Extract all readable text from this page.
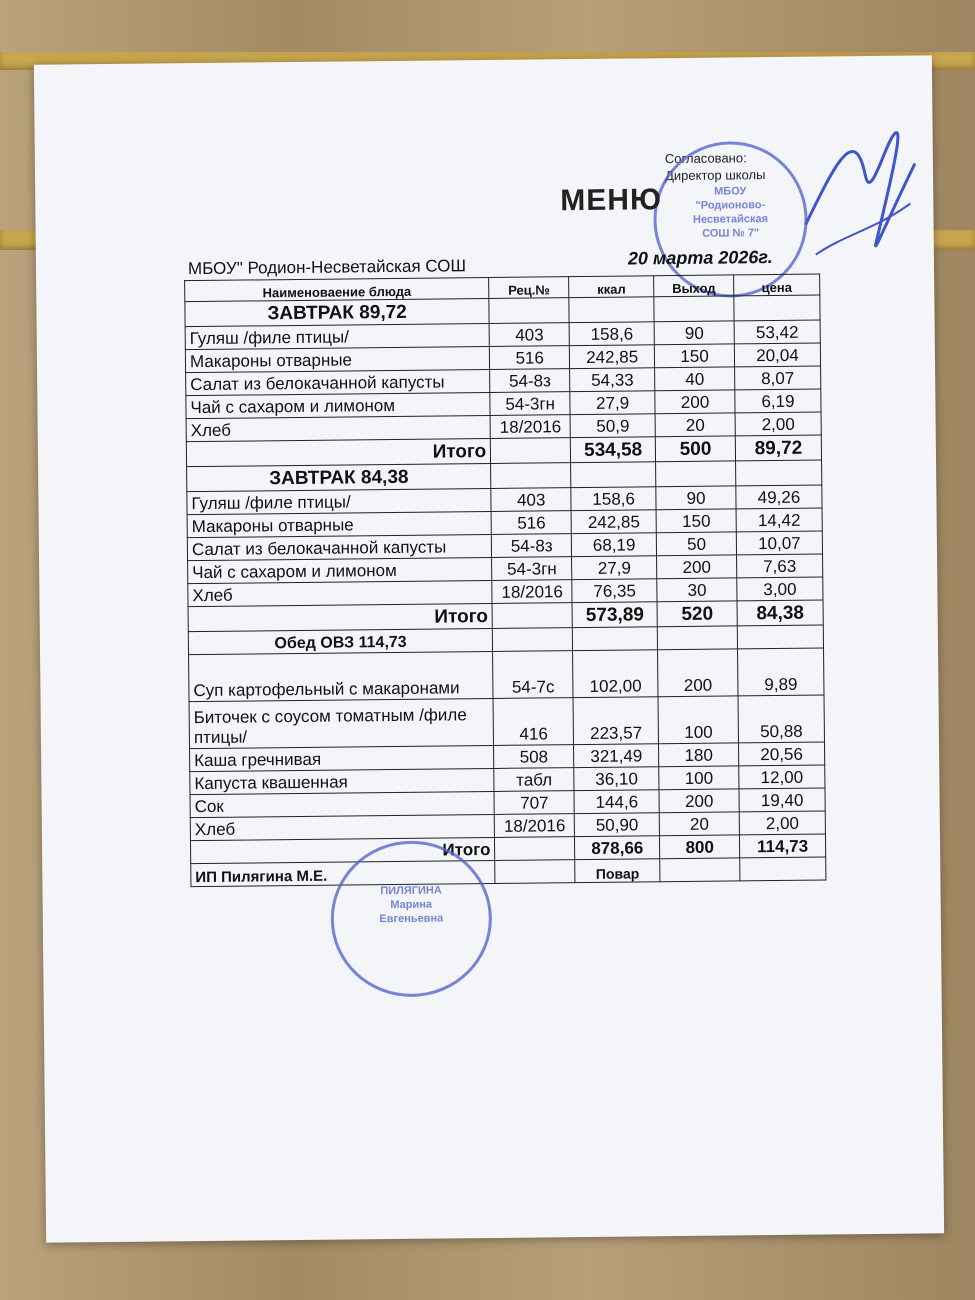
Согласовано:
Директор школы
МБОУ
"Родионово-
Несветайская
СОШ № 7"
МЕНЮ
МБОУ" Родион-Несветайская СОШ	20 марта 2026г.
Наименоваение блюда	Рец.№	ккал	Выход	цена
ЗАВТРАК 89,72				
Гуляш /филе птицы/	403	158,6	90	53,42
Макароны отварные	516	242,85	150	20,04
Салат из белокачанной капусты	54-8з	54,33	40	8,07
Чай с сахаром и лимоном	54-3гн	27,9	200	6,19
Хлеб	18/2016	50,9	20	2,00
Итого		534,58	500	89,72
ЗАВТРАК 84,38				
Гуляш /филе птицы/	403	158,6	90	49,26
Макароны отварные	516	242,85	150	14,42
Салат из белокачанной капусты	54-8з	68,19	50	10,07
Чай с сахаром и лимоном	54-3гн	27,9	200	7,63
Хлеб	18/2016	76,35	30	3,00
Итого		573,89	520	84,38
Обед ОВЗ 114,73				
Суп картофельный с макаронами	54-7с	102,00	200	9,89
Биточек с соусом томатным /филе птицы/	416	223,57	100	50,88
Каша гречнивая	508	321,49	180	20,56
Капуста квашенная	табл	36,10	100	12,00
Сок	707	144,6	200	19,40
Хлеб	18/2016	50,90	20	2,00
Итого		878,66	800	114,73
ИП Пилягина М.Е.		Повар		
ПИЛЯГИНА
Марина
Евгеньевна
